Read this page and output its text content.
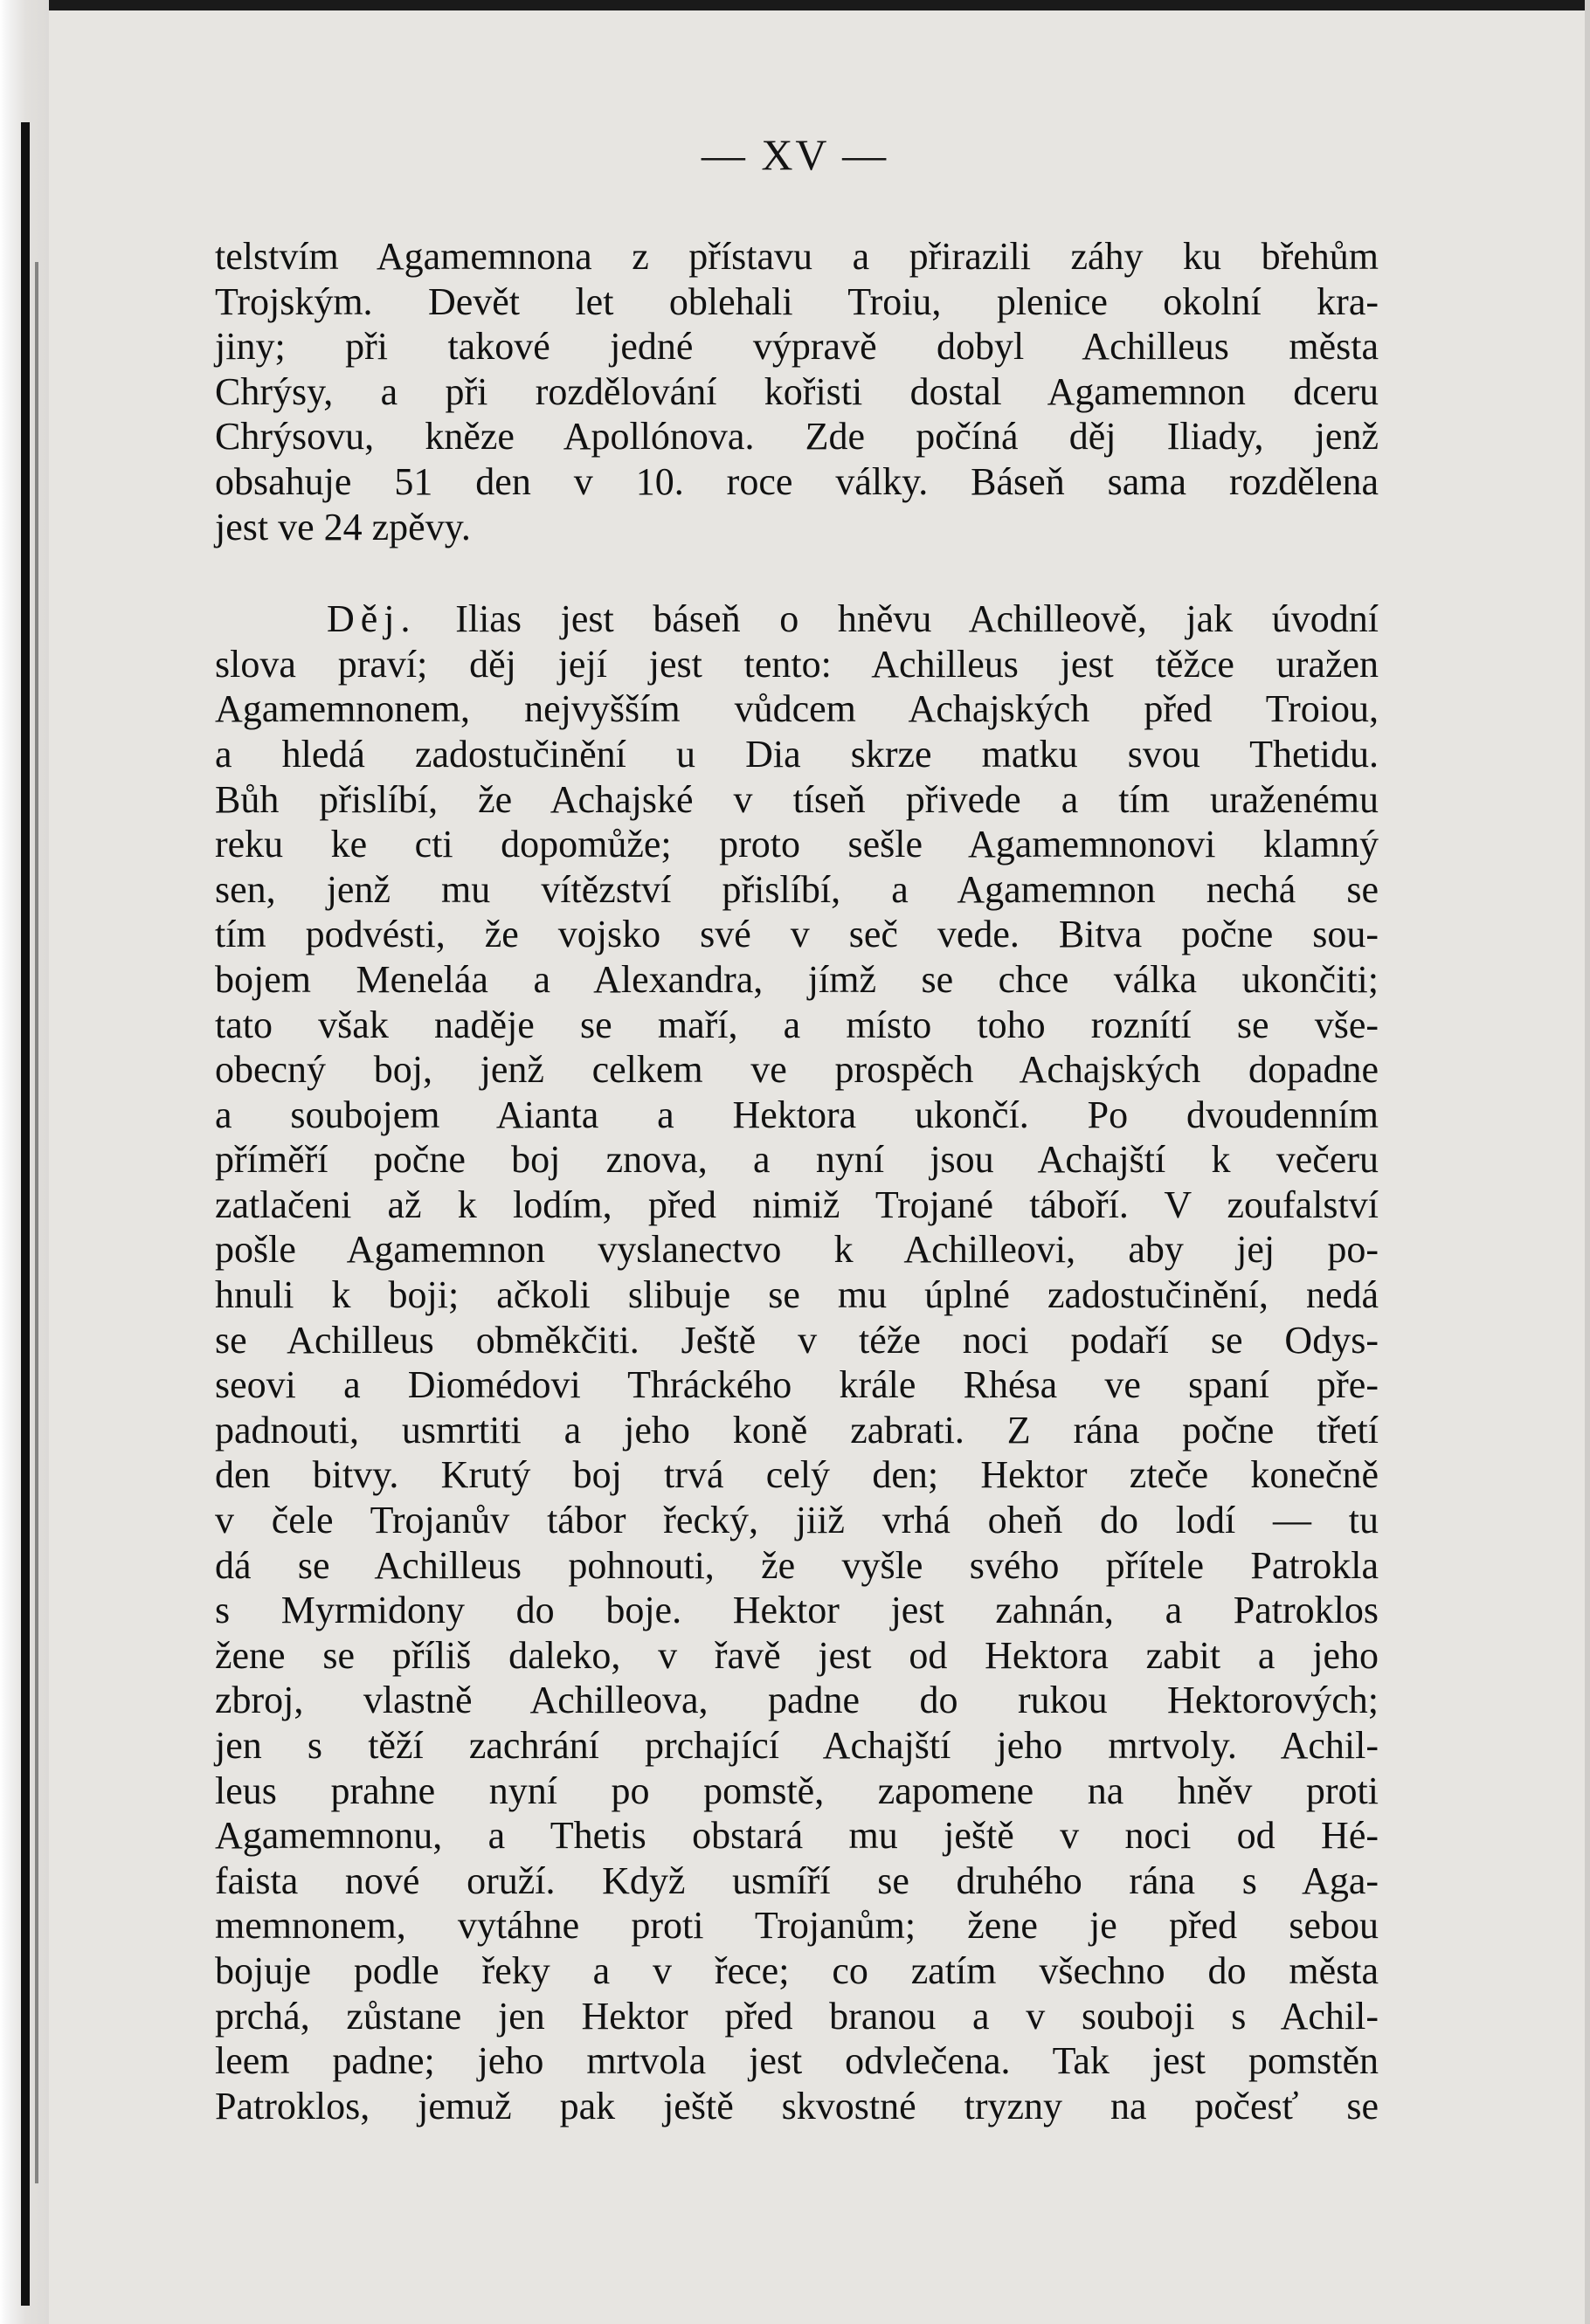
— XV —

telstvím Agamemnona z přístavu a přirazili záhy ku břehům

Trojským. Devět let oblehali Troiu, plenice okolní kra-

jiny; při takové jedné výpravě dobyl Achilleus města

Chrýsy, a při rozdělování kořisti dostal Agamemnon dceru

Chrýsovu, kněze Apollónova. Zde počíná děj Iliady, jenž

obsahuje 51 den v 10. roce války. Báseň sama rozdělena

jest ve 24 zpěvy.

Děj. Ilias jest báseň o hněvu Achilleově, jak úvodní

slova praví; děj její jest tento: Achilleus jest těžce uražen

Agamemnonem, nejvyšším vůdcem Achajských před Troiou,

a hledá zadostučinění u Dia skrze matku svou Thetidu.

Bůh přislíbí, že Achajské v tíseň přivede a tím uraženému

reku ke cti dopomůže; proto sešle Agamemnonovi klamný

sen, jenž mu vítězství přislíbí, a Agamemnon nechá se

tím podvésti, že vojsko své v seč vede. Bitva počne sou-

bojem Meneláa a Alexandra, jímž se chce válka ukončiti;

tato však naděje se maří, a místo toho roznítí se vše-

obecný boj, jenž celkem ve prospěch Achajských dopadne

a soubojem Aianta a Hektora ukončí. Po dvoudenním

příměří počne boj znova, a nyní jsou Achajští k večeru

zatlačeni až k lodím, před nimiž Trojané táboří. V zoufalství

pošle Agamemnon vyslanectvo k Achilleovi, aby jej po-

hnuli k boji; ačkoli slibuje se mu úplné zadostučinění, nedá

se Achilleus obměkčiti. Ještě v téže noci podaří se Odys-

seovi a Diomédovi Thráckého krále Rhésa ve spaní pře-

padnouti, usmrtiti a jeho koně zabrati. Z rána počne třetí

den bitvy. Krutý boj trvá celý den; Hektor zteče konečně

v čele Trojanův tábor řecký, jiiž vrhá oheň do lodí — tu

dá se Achilleus pohnouti, že vyšle svého přítele Patrokla

s Myrmidony do boje. Hektor jest zahnán, a Patroklos

žene se příliš daleko, v řavě jest od Hektora zabit a jeho

zbroj, vlastně Achilleova, padne do rukou Hektorových;

jen s těží zachrání prchající Achajští jeho mrtvoly. Achil-

leus prahne nyní po pomstě, zapomene na hněv proti

Agamemnonu, a Thetis obstará mu ještě v noci od Hé-

faista nové oruží. Když usmíří se druhého rána s Aga-

memnonem, vytáhne proti Trojanům; žene je před sebou

bojuje podle řeky a v řece; co zatím všechno do města

prchá, zůstane jen Hektor před branou a v souboji s Achil-

leem padne; jeho mrtvola jest odvlečena. Tak jest pomstěn

Patroklos, jemuž pak ještě skvostné tryzny na počesť se
